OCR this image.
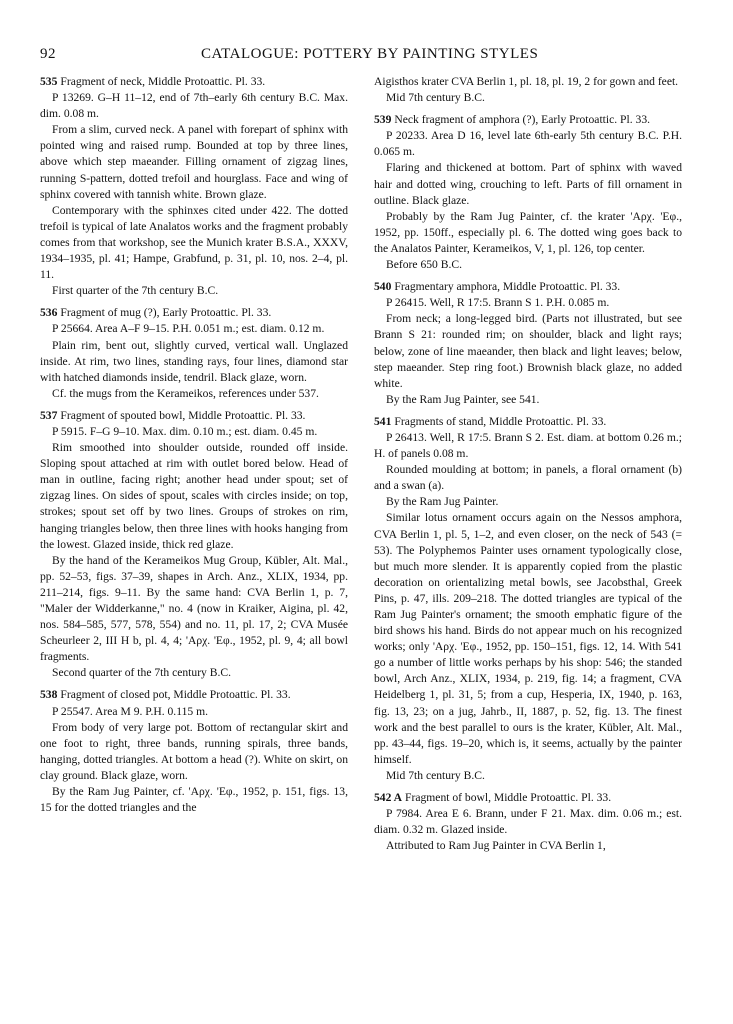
92	CATALOGUE: POTTERY BY PAINTING STYLES

535 Fragment of neck, Middle Protoattic. Pl. 33.

P 13269. G–H 11–12, end of 7th–early 6th century B.C. Max. dim. 0.08 m.

From a slim, curved neck. A panel with forepart of sphinx with pointed wing and raised rump. Bounded at top by three lines, above which step maeander. Filling ornament of zigzag lines, running S-pattern, dotted trefoil and hourglass. Face and wing of sphinx covered with tannish white. Brown glaze.

Contemporary with the sphinxes cited under 422. The dotted trefoil is typical of late Analatos works and the fragment probably comes from that workshop, see the Munich krater B.S.A., XXXV, 1934–1935, pl. 41; Hampe, Grabfund, p. 31, pl. 10, nos. 2–4, pl. 11.

First quarter of the 7th century B.C.

536 Fragment of mug (?), Early Protoattic. Pl. 33.

P 25664. Area A–F 9–15. P.H. 0.051 m.; est. diam. 0.12 m.

Plain rim, bent out, slightly curved, vertical wall. Unglazed inside. At rim, two lines, standing rays, four lines, diamond star with hatched diamonds inside, tendril. Black glaze, worn.

Cf. the mugs from the Kerameikos, references under 537.

537 Fragment of spouted bowl, Middle Protoattic. Pl. 33.

P 5915. F–G 9–10. Max. dim. 0.10 m.; est. diam. 0.45 m.

Rim smoothed into shoulder outside, rounded off inside. Sloping spout attached at rim with outlet bored below. Head of man in outline, facing right; another head under spout; set of zigzag lines. On sides of spout, scales with circles inside; on top, strokes; spout set off by two lines. Groups of strokes on rim, hanging triangles below, then three lines with hooks hanging from the lowest. Glazed inside, thick red glaze.

By the hand of the Kerameikos Mug Group, Kübler, Alt. Mal., pp. 52–53, figs. 37–39, shapes in Arch. Anz., XLIX, 1934, pp. 211–214, figs. 9–11. By the same hand: CVA Berlin 1, p. 7, "Maler der Widderkanne," no. 4 (now in Kraiker, Aigina, pl. 42, nos. 584–585, 577, 578, 554) and no. 11, pl. 17, 2; CVA Musée Scheurleer 2, III H b, pl. 4, 4; 'Αρχ. 'Εφ., 1952, pl. 9, 4; all bowl fragments.

Second quarter of the 7th century B.C.

538 Fragment of closed pot, Middle Protoattic. Pl. 33.

P 25547. Area M 9. P.H. 0.115 m.

From body of very large pot. Bottom of rectangular skirt and one foot to right, three bands, running spirals, three bands, hanging, dotted triangles. At bottom a head (?). White on skirt, on clay ground. Black glaze, worn.

By the Ram Jug Painter, cf. 'Αρχ. 'Εφ., 1952, p. 151, figs. 13, 15 for the dotted triangles and the

Aigisthos krater CVA Berlin 1, pl. 18, pl. 19, 2 for gown and feet.

Mid 7th century B.C.

539 Neck fragment of amphora (?), Early Protoattic. Pl. 33.

P 20233. Area D 16, level late 6th-early 5th century B.C. P.H. 0.065 m.

Flaring and thickened at bottom. Part of sphinx with waved hair and dotted wing, crouching to left. Parts of fill ornament in outline. Black glaze.

Probably by the Ram Jug Painter, cf. the krater 'Αρχ. 'Εφ., 1952, pp. 150ff., especially pl. 6. The dotted wing goes back to the Analatos Painter, Kerameikos, V, 1, pl. 126, top center.

Before 650 B.C.

540 Fragmentary amphora, Middle Protoattic. Pl. 33.

P 26415. Well, R 17:5. Brann S 1. P.H. 0.085 m.

From neck; a long-legged bird. (Parts not illustrated, but see Brann S 21: rounded rim; on shoulder, black and light rays; below, zone of line maeander, then black and light leaves; below, step maeander. Step ring foot.) Brownish black glaze, no added white.

By the Ram Jug Painter, see 541.

541 Fragments of stand, Middle Protoattic. Pl. 33.

P 26413. Well, R 17:5. Brann S 2. Est. diam. at bottom 0.26 m.; H. of panels 0.08 m.

Rounded moulding at bottom; in panels, a floral ornament (b) and a swan (a).

By the Ram Jug Painter.

Similar lotus ornament occurs again on the Nessos amphora, CVA Berlin 1, pl. 5, 1–2, and even closer, on the neck of 543 (= 53). The Polyphemos Painter uses ornament typologically close, but much more slender. It is apparently copied from the plastic decoration on orientalizing metal bowls, see Jacobsthal, Greek Pins, p. 47, ills. 209–218. The dotted triangles are typical of the Ram Jug Painter's ornament; the smooth emphatic figure of the bird shows his hand. Birds do not appear much on his recognized works; only 'Αρχ. 'Εφ., 1952, pp. 150–151, figs. 12, 14. With 541 go a number of little works perhaps by his shop: 546; the standed bowl, Arch Anz., XLIX, 1934, p. 219, fig. 14; a fragment, CVA Heidelberg 1, pl. 31, 5; from a cup, Hesperia, IX, 1940, p. 163, fig. 13, 23; on a jug, Jahrb., II, 1887, p. 52, fig. 13. The finest work and the best parallel to ours is the krater, Kübler, Alt. Mal., pp. 43–44, figs. 19–20, which is, it seems, actually by the painter himself.

Mid 7th century B.C.

542 A Fragment of bowl, Middle Protoattic. Pl. 33.

P 7984. Area E 6. Brann, under F 21. Max. dim. 0.06 m.; est. diam. 0.32 m. Glazed inside.

Attributed to Ram Jug Painter in CVA Berlin 1,
